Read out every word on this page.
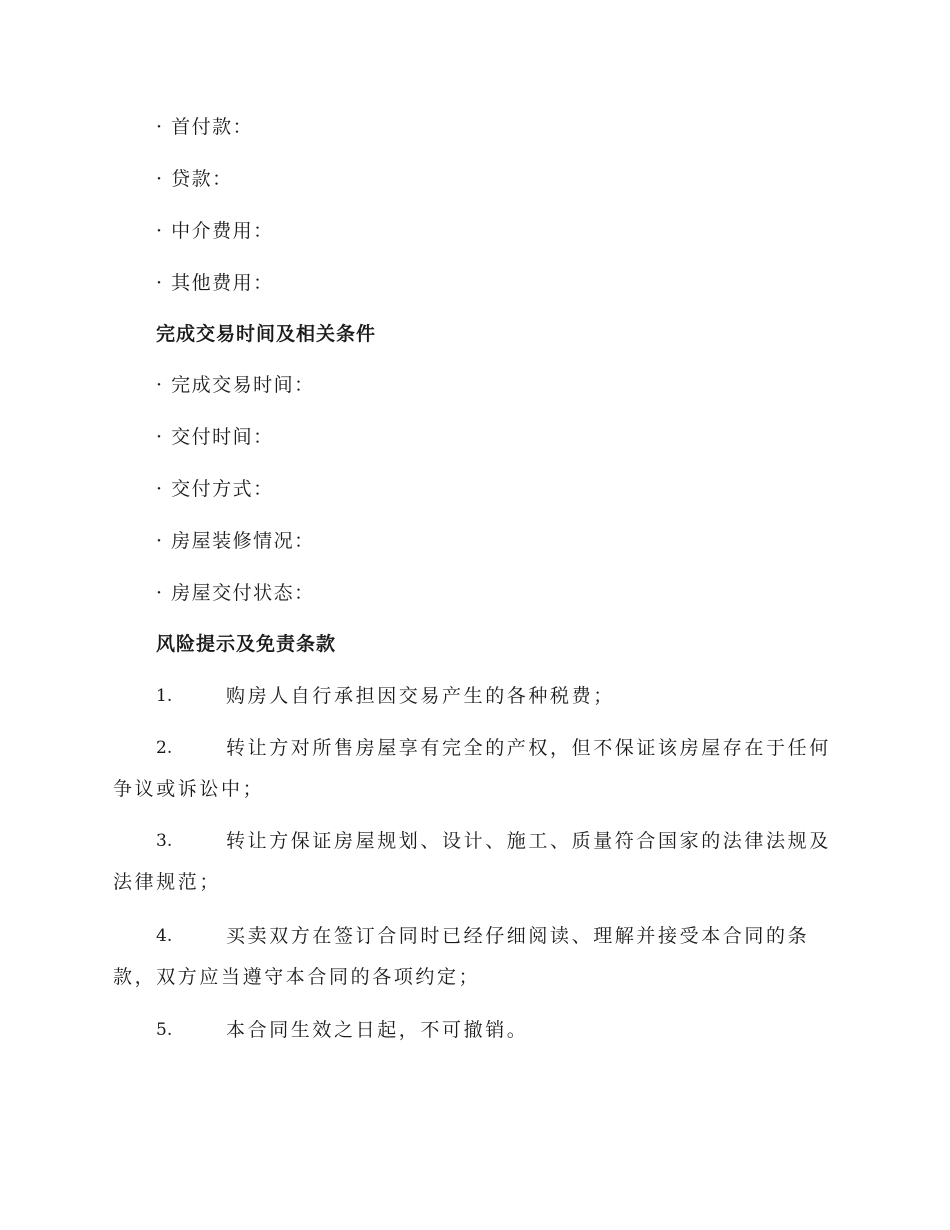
· 首付款：
· 贷款：
· 中介费用：
· 其他费用：
完成交易时间及相关条件
· 完成交易时间：
· 交付时间：
· 交付方式：
· 房屋装修情况：
· 房屋交付状态：
风险提示及免责条款
1.	购房人自行承担因交易产生的各种税费；
2.	转让方对所售房屋享有完全的产权，但不保证该房屋存在于任何
争议或诉讼中；
3.	转让方保证房屋规划、设计、施工、质量符合国家的法律法规及
法律规范；
4.	买卖双方在签订合同时已经仔细阅读、理解并接受本合同的条
款，双方应当遵守本合同的各项约定；
5.	本合同生效之日起，不可撤销。
